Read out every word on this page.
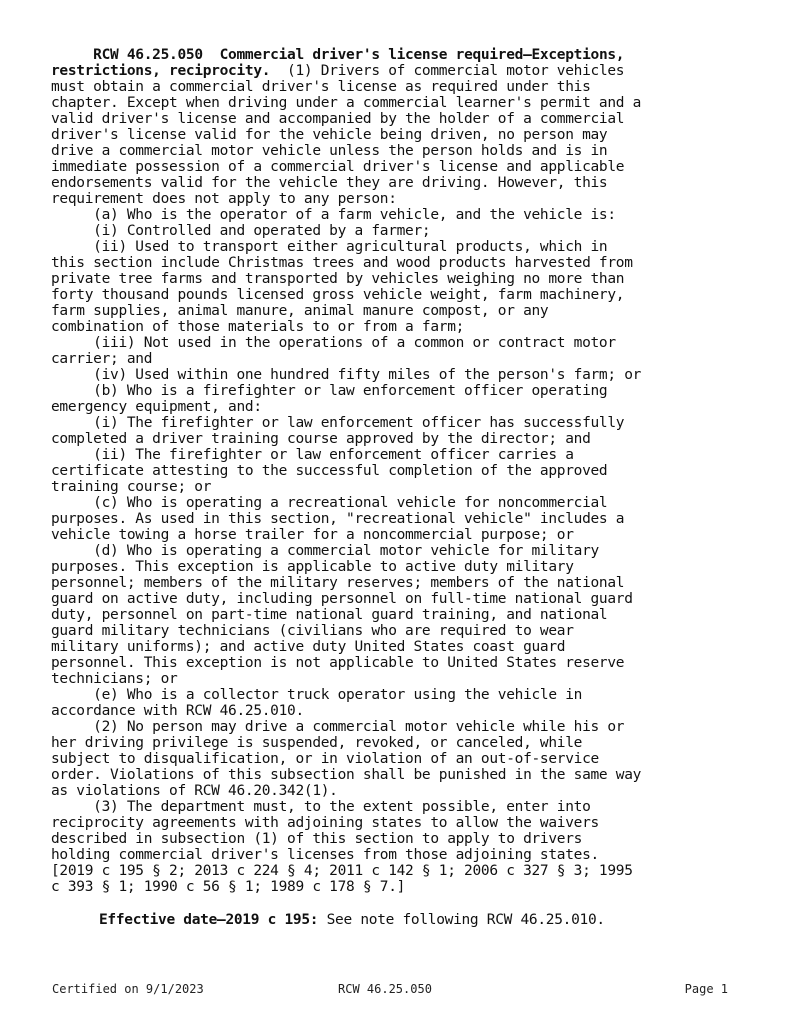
RCW 46.25.050  Commercial driver's license required—Exceptions,
restrictions, reciprocity.  (1) Drivers of commercial motor vehicles
must obtain a commercial driver's license as required under this
chapter. Except when driving under a commercial learner's permit and a
valid driver's license and accompanied by the holder of a commercial
driver's license valid for the vehicle being driven, no person may
drive a commercial motor vehicle unless the person holds and is in
immediate possession of a commercial driver's license and applicable
endorsements valid for the vehicle they are driving. However, this
requirement does not apply to any person:
(a) Who is the operator of a farm vehicle, and the vehicle is:
(i) Controlled and operated by a farmer;
(ii) Used to transport either agricultural products, which in
this section include Christmas trees and wood products harvested from
private tree farms and transported by vehicles weighing no more than
forty thousand pounds licensed gross vehicle weight, farm machinery,
farm supplies, animal manure, animal manure compost, or any
combination of those materials to or from a farm;
(iii) Not used in the operations of a common or contract motor
carrier; and
(iv) Used within one hundred fifty miles of the person's farm; or
(b) Who is a firefighter or law enforcement officer operating
emergency equipment, and:
(i) The firefighter or law enforcement officer has successfully
completed a driver training course approved by the director; and
(ii) The firefighter or law enforcement officer carries a
certificate attesting to the successful completion of the approved
training course; or
(c) Who is operating a recreational vehicle for noncommercial
purposes. As used in this section, "recreational vehicle" includes a
vehicle towing a horse trailer for a noncommercial purpose; or
(d) Who is operating a commercial motor vehicle for military
purposes. This exception is applicable to active duty military
personnel; members of the military reserves; members of the national
guard on active duty, including personnel on full-time national guard
duty, personnel on part-time national guard training, and national
guard military technicians (civilians who are required to wear
military uniforms); and active duty United States coast guard
personnel. This exception is not applicable to United States reserve
technicians; or
(e) Who is a collector truck operator using the vehicle in
accordance with RCW 46.25.010.
(2) No person may drive a commercial motor vehicle while his or
her driving privilege is suspended, revoked, or canceled, while
subject to disqualification, or in violation of an out-of-service
order. Violations of this subsection shall be punished in the same way
as violations of RCW 46.20.342(1).
(3) The department must, to the extent possible, enter into
reciprocity agreements with adjoining states to allow the waivers
described in subsection (1) of this section to apply to drivers
holding commercial driver's licenses from those adjoining states.
[2019 c 195 § 2; 2013 c 224 § 4; 2011 c 142 § 1; 2006 c 327 § 3; 1995
c 393 § 1; 1990 c 56 § 1; 1989 c 178 § 7.]
Effective date—2019 c 195: See note following RCW 46.25.010.
Certified on 9/1/2023	RCW 46.25.050	Page 1
